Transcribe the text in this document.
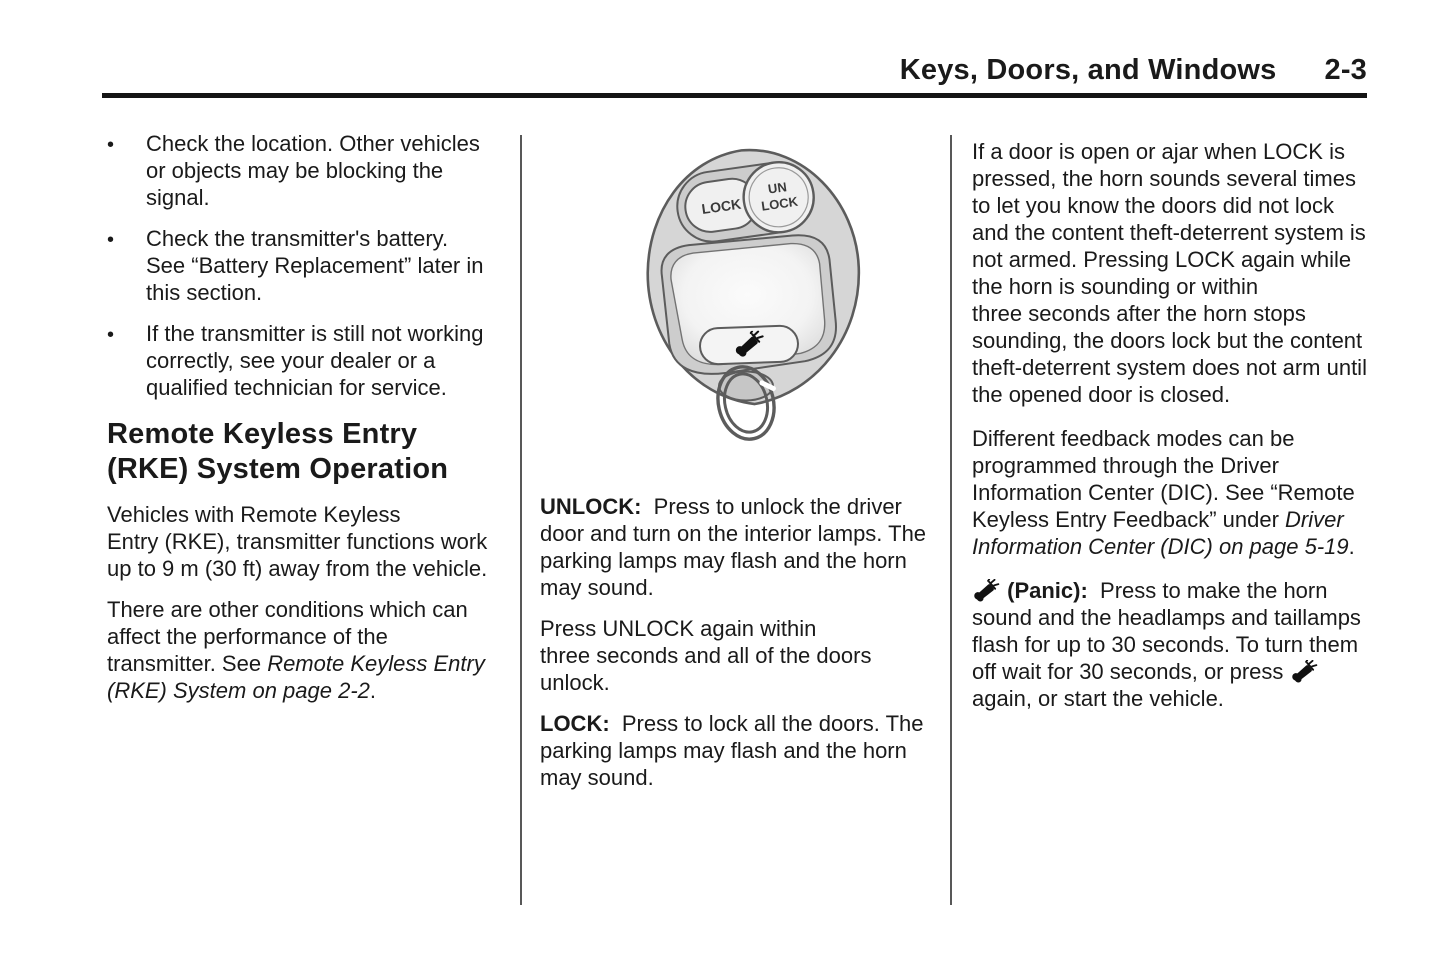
Keys, Doors, and Windows 2-3
•
Check the location. Other vehicles or objects may be blocking the signal.
•
Check the transmitter's battery. See “Battery Replacement” later in this section.
•
If the transmitter is still not working correctly, see your dealer or a qualified technician for service.
Remote Keyless Entry (RKE) System Operation

Vehicles with Remote Keyless Entry (RKE), transmitter functions work up to 9 m (30 ft) away from the vehicle.

There are other conditions which can affect the performance of the transmitter. See Remote Keyless Entry (RKE) System on page 2-2.

LOCK
UN
LOCK

UNLOCK:  Press to unlock the driver door and turn on the interior lamps. The parking lamps may flash and the horn may sound.

Press UNLOCK again within three seconds and all of the doors unlock.

LOCK:  Press to lock all the doors. The parking lamps may flash and the horn may sound.

If a door is open or ajar when LOCK is pressed, the horn sounds several times to let you know the doors did not lock and the content theft-deterrent system is not armed. Pressing LOCK again while the horn is sounding or within three seconds after the horn stops sounding, the doors lock but the content theft-deterrent system does not arm until the opened door is closed.

Different feedback modes can be programmed through the Driver Information Center (DIC). See “Remote Keyless Entry Feedback” under Driver Information Center (DIC) on page 5-19.

(Panic):  Press to make the horn sound and the headlamps and taillamps flash for up to 30 seconds. To turn them off wait for 30 seconds, or press  again, or start the vehicle.
